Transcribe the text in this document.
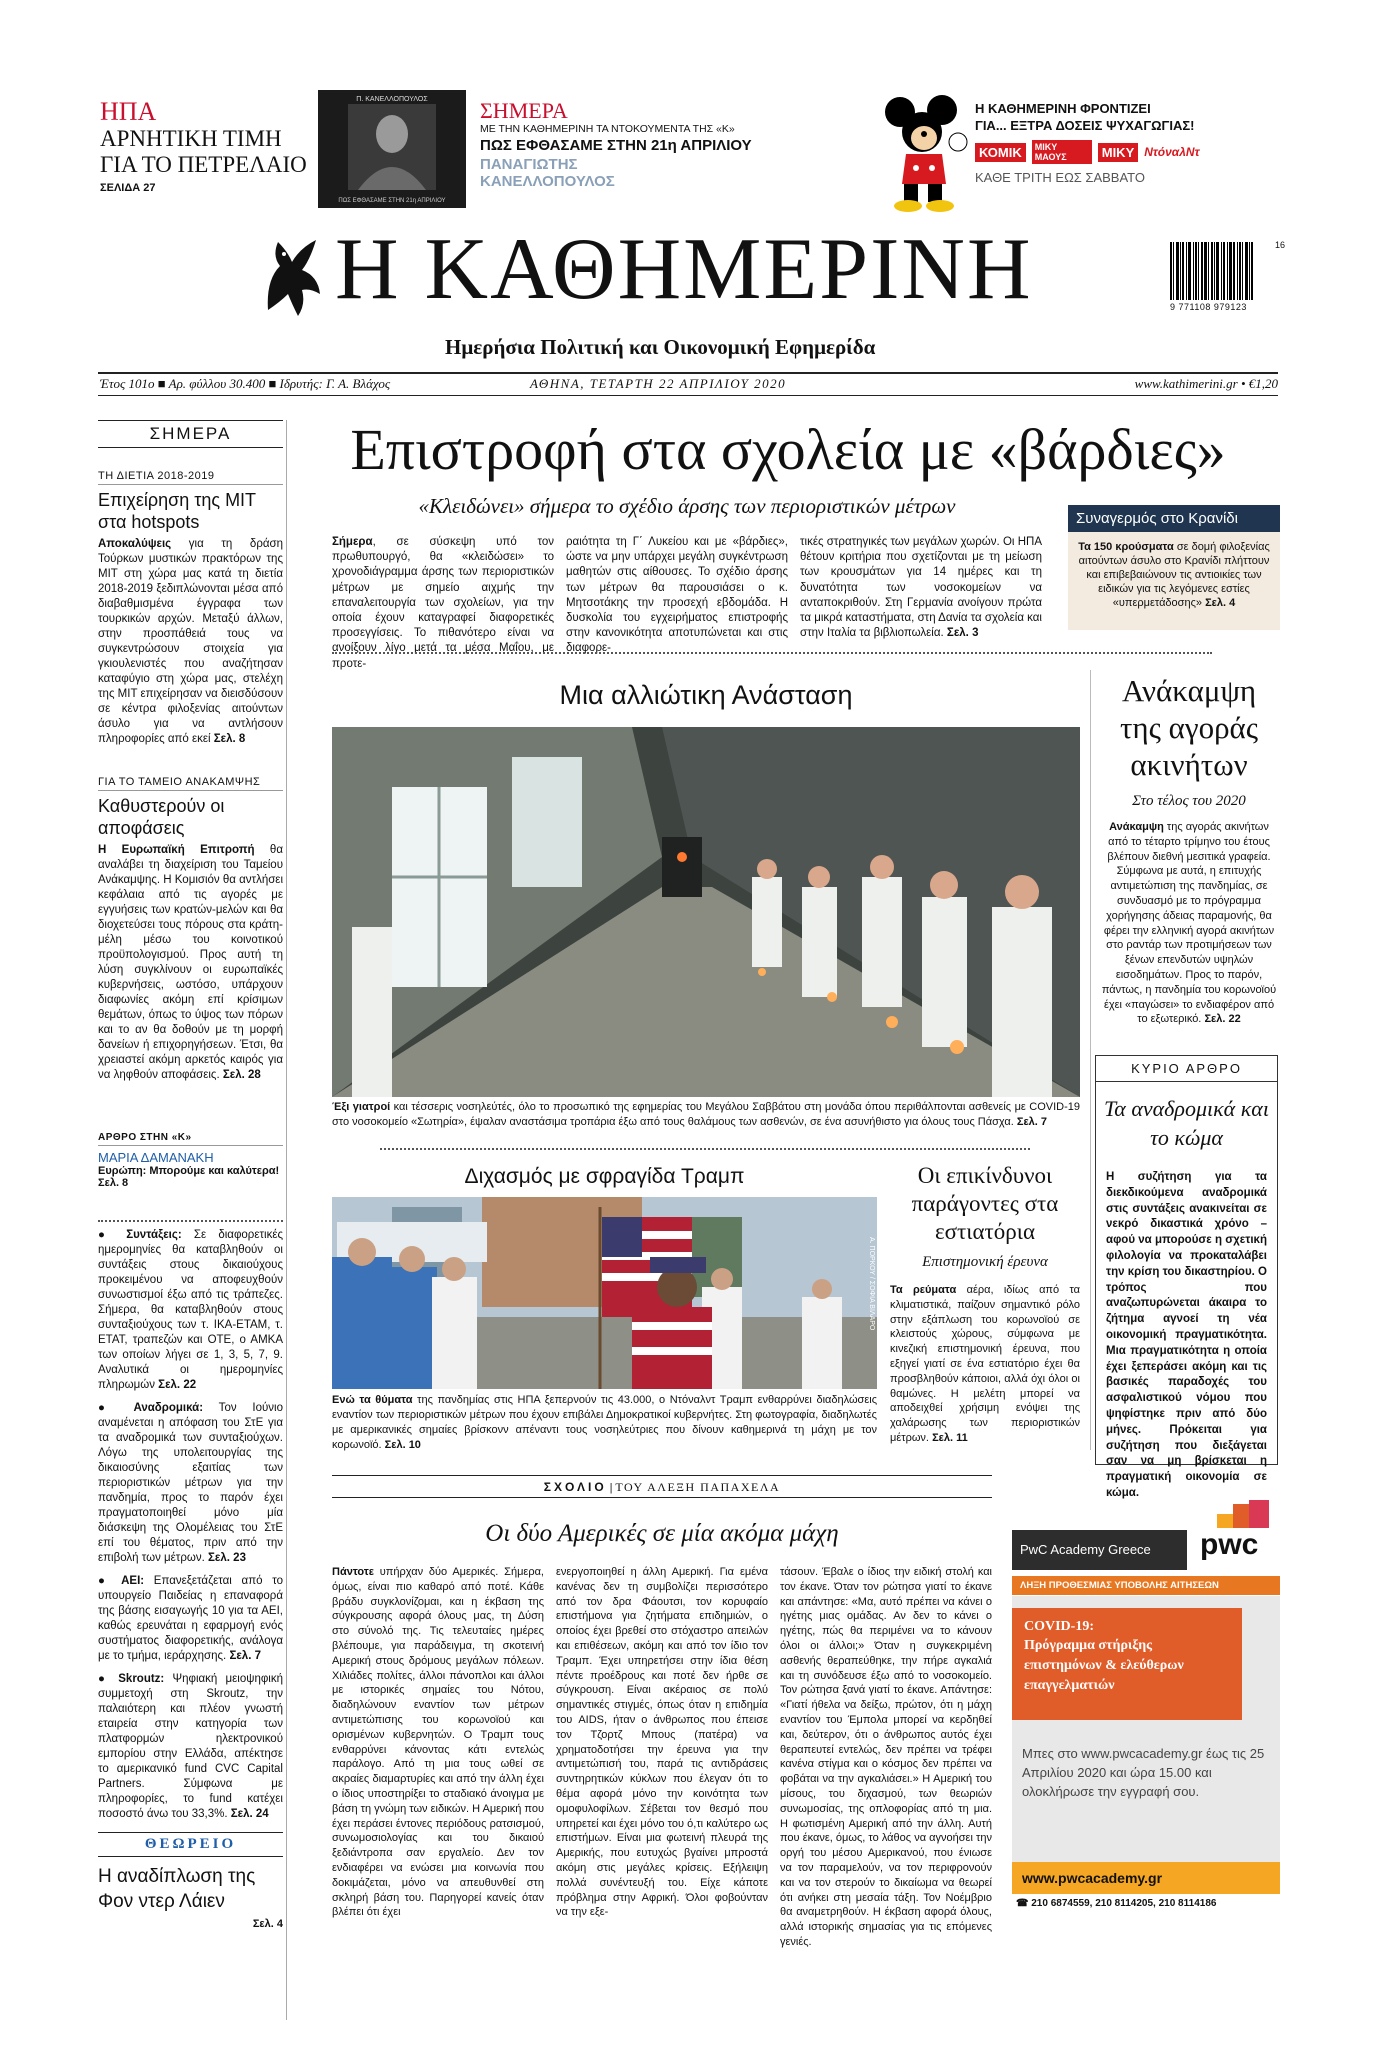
ΗΠΑ
ΑΡΝΗΤΙΚΗ ΤΙΜΗ
ΓΙΑ ΤΟ ΠΕΤΡΕΛΑΙΟ
ΣΕΛΙΔΑ 27
Π. ΚΑΝΕΛΛΟΠΟΥΛΟΣ
ΠΩΣ ΕΦΘΑΣΑΜΕ ΣΤΗΝ 21η ΑΠΡΙΛΙΟΥ
ΣΗΜΕΡΑ
ΜΕ ΤΗΝ ΚΑΘΗΜΕΡΙΝΗ ΤΑ ΝΤΟΚΟΥΜΕΝΤΑ ΤΗΣ «Κ»
ΠΩΣ ΕΦΘΑΣΑΜΕ ΣΤΗΝ 21η ΑΠΡΙΛΙΟΥ
ΠΑΝΑΓΙΩΤΗΣ
ΚΑΝΕΛΛΟΠΟΥΛΟΣ
Η ΚΑΘΗΜΕΡΙΝΗ ΦΡΟΝΤΙΖΕΙ
ΓΙΑ... ΕΞΤΡΑ ΔΟΣΕΙΣ ΨΥΧΑΓΩΓΙΑΣ!
ΚΟΜΙΚ	ΜΙΚΥ ΜΑΟΥΣ	ΜΙΚΥ ΝτόναλΝτ
ΚΑΘΕ ΤΡΙΤΗ ΕΩΣ ΣΑΒΒΑΤΟ
Η ΚΑΘΗΜΕΡΙΝΗ
Ημερήσια Πολιτική και Οικονομική Εφημερίδα
16
9 771108 979123
Έτος 101ο ■ Αρ. φύλλου 30.400 ■ Ιδρυτής: Γ. Α. Βλάχος	ΑΘΗΝΑ, ΤΕΤΑΡΤΗ 22 ΑΠΡΙΛΙΟΥ 2020	www.kathimerini.gr • €1,20
ΣΗΜΕΡΑ
ΤΗ ΔΙΕΤΙΑ 2018-2019
Επιχείρηση της ΜΙΤ στα hotspots
Αποκαλύψεις για τη δράση Τούρκων μυστικών πρακτόρων της ΜΙΤ στη χώρα μας κατά τη διετία 2018-2019 ξεδιπλώνονται μέσα από διαβαθμισμένα έγγραφα των τουρκικών αρχών. Μεταξύ άλλων, στην προσπάθειά τους να συγκεντρώσουν στοιχεία για γκιουλενιστές που αναζήτησαν καταφύγιο στη χώρα μας, στελέχη της ΜΙΤ επιχείρησαν να διεισδύσουν σε κέντρα φιλοξενίας αιτούντων άσυλο για να αντλήσουν πληροφορίες από εκεί Σελ. 8
ΓΙΑ ΤΟ ΤΑΜΕΙΟ ΑΝΑΚΑΜΨΗΣ
Καθυστερούν οι αποφάσεις
Η Ευρωπαϊκή Επιτροπή θα αναλάβει τη διαχείριση του Ταμείου Ανάκαμψης. Η Κομισιόν θα αντλήσει κεφάλαια από τις αγορές με εγγυήσεις των κρατών-μελών και θα διοχετεύσει τους πόρους στα κράτη-μέλη μέσω του κοινοτικού προϋπολογισμού. Προς αυτή τη λύση συγκλίνουν οι ευρωπαϊκές κυβερνήσεις, ωστόσο, υπάρχουν διαφωνίες ακόμη επί κρίσιμων θεμάτων, όπως το ύψος των πόρων και το αν θα δοθούν με τη μορφή δανείων ή επιχορηγήσεων. Έτσι, θα χρειαστεί ακόμη αρκετός καιρός για να ληφθούν αποφάσεις. Σελ. 28
ΑΡΘΡΟ ΣΤΗΝ «Κ»
ΜΑΡΙΑ ΔΑΜΑΝΑΚΗ
Ευρώπη: Μπορούμε και καλύτερα!
Σελ. 8
● Συντάξεις: Σε διαφορετικές ημερομηνίες θα καταβληθούν οι συντάξεις στους δικαιούχους προκειμένου να αποφευχθούν συνωστισμοί έξω από τις τράπεζες. Σήμερα, θα καταβληθούν στους συνταξιούχους των τ. ΙΚΑ-ΕΤΑΜ, τ. ΕΤΑΤ, τραπεζών και ΟΤΕ, ο ΑΜΚΑ των οποίων λήγει σε 1, 3, 5, 7, 9. Αναλυτικά οι ημερομηνίες πληρωμών Σελ. 22
● Αναδρομικά: Τον Ιούνιο αναμένεται η απόφαση του ΣτΕ για τα αναδρομικά των συνταξιούχων. Λόγω της υπολειτουργίας της δικαιοσύνης εξαιτίας των περιοριστικών μέτρων για την πανδημία, προς το παρόν έχει πραγματοποιηθεί μόνο μία διάσκεψη της Ολομέλειας του ΣτΕ επί του θέματος, πριν από την επιβολή των μέτρων. Σελ. 23
● ΑΕΙ: Επανεξετάζεται από το υπουργείο Παιδείας η επαναφορά της βάσης εισαγωγής 10 για τα ΑΕΙ, καθώς ερευνάται η εφαρμογή ενός συστήματος διαφορετικής, ανάλογα με το τμήμα, ιεράρχησης. Σελ. 7
● Skroutz: Ψηφιακή μειοψηφική συμμετοχή στη Skroutz, την παλαιότερη και πλέον γνωστή εταιρεία στην κατηγορία των πλατφορμών ηλεκτρονικού εμπορίου στην Ελλάδα, απέκτησε το αμερικανικό fund CVC Capital Partners. Σύμφωνα με πληροφορίες, το fund κατέχει ποσοστό άνω του 33,3%. Σελ. 24
ΘΕΩΡΕΙΟ
Η αναδίπλωση της Φον ντερ Λάιεν
Σελ. 4
Επιστροφή στα σχολεία με «βάρδιες»
«Κλειδώνει» σήμερα το σχέδιο άρσης των περιοριστικών μέτρων
Σήμερα, σε σύσκεψη υπό τον πρωθυπουργό, θα «κλειδώσει» το χρονοδιάγραμμα άρσης των περιοριστικών μέτρων με σημείο αιχμής την επαναλειτουργία των σχολείων, για την οποία έχουν καταγραφεί διαφορετικές προσεγγίσεις. Το πιθανότερο είναι να ανοίξουν λίγο μετά τα μέσα Μαΐου, με προτε-
ραιότητα τη Γ΄ Λυκείου και με «βάρδιες», ώστε να μην υπάρχει μεγάλη συγκέντρωση μαθητών στις αίθουσες. Το σχέδιο άρσης των μέτρων θα παρουσιάσει ο κ. Μητσοτάκης την προσεχή εβδομάδα. Η δυσκολία του εγχειρήματος επιστροφής στην κανονικότητα αποτυπώνεται και στις διαφορε-
τικές στρατηγικές των μεγάλων χωρών. Οι ΗΠΑ θέτουν κριτήρια που σχετίζονται με τη μείωση των κρουσμάτων για 14 ημέρες και τη δυνατότητα των νοσοκομείων να ανταποκριθούν. Στη Γερμανία ανοίγουν πρώτα τα μικρά καταστήματα, στη Δανία τα σχολεία και στην Ιταλία τα βιβλιοπωλεία. Σελ. 3
Συναγερμός στο Κρανίδι
Τα 150 κρούσματα σε δομή φιλοξενίας αιτούντων άσυλο στο Κρανίδι πλήττουν και επιβεβαιώνουν τις αντιοικίες των ειδικών για τις λεγόμενες εστίες «υπερμετάδοσης» Σελ. 4
Μια αλλιώτικη Ανάσταση
Έξι γιατροί και τέσσερις νοσηλεύτές, όλο το προσωπικό της εφημερίας του Μεγάλου Σαββάτου στη μονάδα όπου περιθάλπονται ασθενείς με COVID-19 στο νοσοκομείο «Σωτηρία», έψαλαν αναστάσιμα τροπάρια έξω από τους θαλάμους των ασθενών, σε ένα ασυνήθιστο για όλους τους Πάσχα. Σελ. 7
Ανάκαμψη της αγοράς ακινήτων
Στο τέλος του 2020
Ανάκαμψη της αγοράς ακινήτων από το τέταρτο τρίμηνο του έτους βλέπουν διεθνή μεσιτικά γραφεία. Σύμφωνα με αυτά, η επιτυχής αντιμετώπιση της πανδημίας, σε συνδυασμό με το πρόγραμμα χορήγησης άδειας παραμονής, θα φέρει την ελληνική αγορά ακινήτων στο ραντάρ των προτιμήσεων των ξένων επενδυτών υψηλών εισοδημάτων. Προς το παρόν, πάντως, η πανδημία του κορωνοϊού έχει «παγώσει» το ενδιαφέρον από το εξωτερικό. Σελ. 22
ΚΥΡΙΟ ΑΡΘΡΟ
Τα αναδρομικά και το κώμα
Η συζήτηση για τα διεκδικούμενα αναδρομικά στις συντάξεις ανακινείται σε νεκρό δικαστικά χρόνο – αφού να μπορούσε η σχετική φιλολογία να προκαταλάβει την κρίση του δικαστηρίου. Ο τρόπος που αναζωπυρώνεται άκαιρα το ζήτημα αγνοεί τη νέα οικονομική πραγματικότητα. Μια πραγματικότητα η οποία έχει ξεπεράσει ακόμη και τις βασικές παραδοχές του ασφαλιστικού νόμου που ψηφίστηκε πριν από δύο μήνες. Πρόκειται για συζήτηση που διεξάγεται σαν να μη βρίσκεται η πραγματική οικονομία σε κώμα.
Διχασμός με σφραγίδα Τραμπ
Α. ΠΟΡΚΟΥ / ΣΟΦΙΑ ΒΙΛΑΡΟ
Ενώ τα θύματα της πανδημίας στις ΗΠΑ ξεπερνούν τις 43.000, ο Ντόναλντ Τραμπ ενθαρρύνει διαδηλώσεις εναντίον των περιοριστικών μέτρων που έχουν επιβάλει Δημοκρατικοί κυβερνήτες. Στη φωτογραφία, διαδηλωτές με αμερικανικές σημαίες βρίσκονν απέναντι τους νοσηλεύτριες που δίνουν καθημερινά τη μάχη με τον κορωνοϊό. Σελ. 10
Οι επικίνδυνοι παράγοντες στα εστιατόρια
Επιστημονική έρευνα
Τα ρεύματα αέρα, ιδίως από τα κλιματιστικά, παίζουν σημαντικό ρόλο στην εξάπλωση του κορωνοϊού σε κλειστούς χώρους, σύμφωνα με κινεζική επιστημονική έρευνα, που εξηγεί γιατί σε ένα εστιατόριο έχει θα προσβληθούν κάποιοι, αλλά όχι όλοι οι θαμώνες. Η μελέτη μπορεί να αποδειχθεί χρήσιμη ενόψει της χαλάρωσης των περιοριστικών μέτρων. Σελ. 11
ΣΧΟΛΙΟ | ΤΟΥ ΑΛΕΞΗ ΠΑΠΑΧΕΛΑ
Οι δύο Αμερικές σε μία ακόμα μάχη
Πάντοτε υπήρχαν δύο Αμερικές. Σήμερα, όμως, είναι πιο καθαρό από ποτέ. Κάθε βράδυ συγκλονίζομαι, και η έκβαση της σύγκρουσης αφορά όλους μας, τη Δύση στο σύνολό της. Τις τελευταίες ημέρες βλέπουμε, για παράδειγμα, τη σκοτεινή Αμερική στους δρόμους μεγάλων πόλεων. Χιλιάδες πολίτες, άλλοι πάνοπλοι και άλλοι με ιστορικές σημαίες του Νότου, διαδηλώνουν εναντίον των μέτρων αντιμετώπισης του κορωνοϊού και ορισμένων κυβερνητών. Ο Τραμπ τους ενθαρρύνει κάνοντας κάτι εντελώς παράλογο. Από τη μια τους ωθεί σε ακραίες διαμαρτυρίες και από την άλλη έχει ο ίδιος υποστηρίξει το σταδιακό άνοιγμα με βάση τη γνώμη των ειδικών. Η Αμερική που έχει περάσει έντονες περιόδους ρατσισμού, συνωμοσιολογίας και του δικαιού ξεδιάντροπα σαν εργαλείο. Δεν τον ενδιαφέρει να ενώσει μια κοινωνία που δοκιμάζεται, μόνο να απευθυνθεί στη σκληρή βάση του. Παρηγορεί κανείς όταν βλέπει ότι έχει
ενεργοποιηθεί η άλλη Αμερική. Για εμένα κανένας δεν τη συμβολίζει περισσότερο από τον δρα Φάουτσι, τον κορυφαίο επιστήμονα για ζητήματα επιδημιών, ο οποίος έχει βρεθεί στο στόχαστρο απειλών και επιθέσεων, ακόμη και από τον ίδιο τον Τραμπ. Έχει υπηρετήσει στην ίδια θέση πέντε προέδρους και ποτέ δεν ήρθε σε σύγκρουση. Είναι ακέραιος σε πολύ σημαντικές στιγμές, όπως όταν η επιδημία του AIDS, ήταν ο άνθρωπος που έπεισε τον Τζορτζ Μπους (πατέρα) να χρηματοδοτήσει την έρευνα για την αντιμετώπισή του, παρά τις αντιδράσεις συντηρητικών κύκλων που έλεγαν ότι το θέμα αφορά μόνο την κοινότητα των ομοφυλοφίλων. Σέβεται τον θεσμό που υπηρετεί και έχει μόνο του ό,τι καλύτερο ως επιστήμων. Είναι μια φωτεινή πλευρά της Αμερικής, που ευτυχώς βγαίνει μπροστά ακόμη στις μεγάλες κρίσεις. Εξήλειψη πολλά συνέντευξή του. Είχε κάποτε πρόβλημα στην Αφρική. Όλοι φοβούνταν να την εξε-
τάσουν. Έβαλε ο ίδιος την ειδική στολή και τον έκανε. Όταν τον ρώτησα γιατί το έκανε και απάντησε: «Μα, αυτό πρέπει να κάνει ο ηγέτης μιας ομάδας. Αν δεν το κάνει ο ηγέτης, πώς θα περιμένει να το κάνουν όλοι οι άλλοι;» Όταν η συγκεκριμένη ασθενής θεραπεύθηκε, την πήρε αγκαλιά και τη συνόδευσε έξω από το νοσοκομείο. Τον ρώτησα ξανά γιατί το έκανε. Απάντησε: «Γιατί ήθελα να δείξω, πρώτον, ότι η μάχη εναντίον του Έμπολα μπορεί να κερδηθεί και, δεύτερον, ότι ο άνθρωπος αυτός έχει θεραπευτεί εντελώς, δεν πρέπει να τρέφει κανένα στίγμα και ο κόσμος δεν πρέπει να φοβάται να την αγκαλιάσει.» Η Αμερική του μίσους, του διχασμού, των θεωριών συνωμοσίας, της οπλοφορίας από τη μια. Η φωτισμένη Αμερική από την άλλη. Αυτή που έκανε, όμως, το λάθος να αγνοήσει την οργή του μέσου Αμερικανού, που ένιωσε να τον παραμελούν, να τον περιφρονούν και να τον στερούν το δικαίωμα να θεωρεί ότι ανήκει στη μεσαία τάξη. Τον Νοέμβριο θα αναμετρηθούν. Η έκβαση αφορά όλους, αλλά ιστορικής σημασίας για τις επόμενες γενιές.
PwC Academy Greece	pwc
ΛΗΞΗ ΠΡΟΘΕΣΜΙΑΣ ΥΠΟΒΟΛΗΣ ΑΙΤΗΣΕΩΝ
COVID-19:
Πρόγραμμα στήριξης επιστημόνων & ελεύθερων επαγγελματιών
Μπες στο www.pwcacademy.gr έως τις 25 Απριλίου 2020 και ώρα 15.00 και ολοκλήρωσε την εγγραφή σου.
www.pwcacademy.gr
☎ 210 6874559, 210 8114205, 210 8114186
